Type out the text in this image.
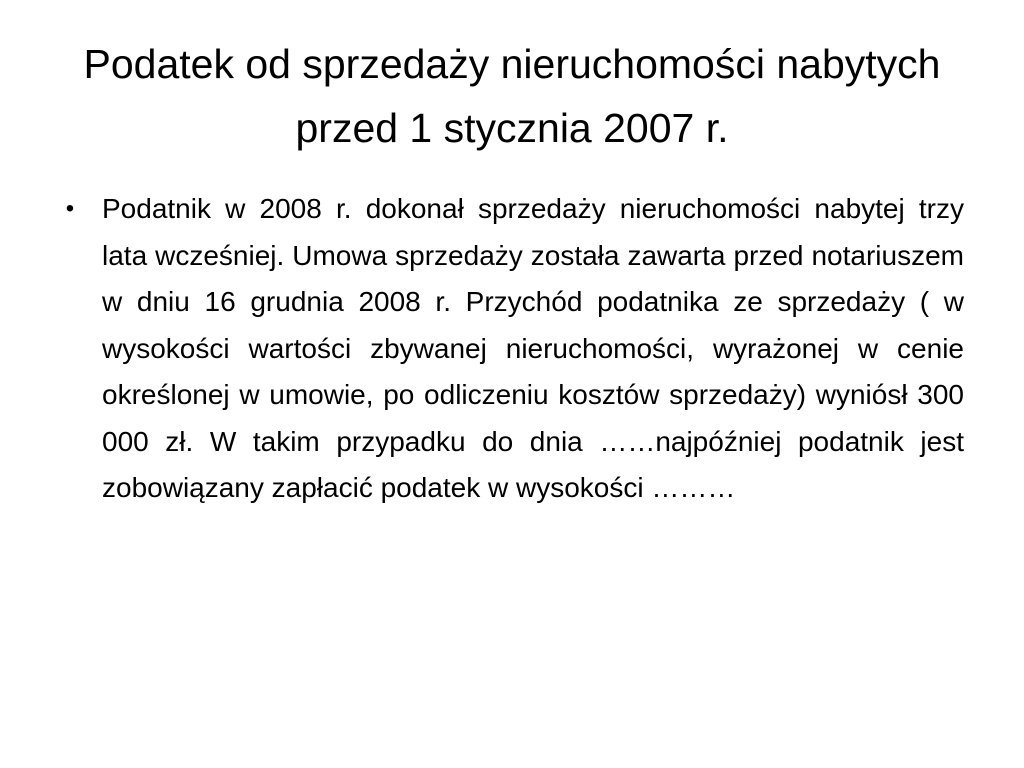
Podatek od sprzedaży nieruchomości nabytych przed 1 stycznia 2007 r.
• Podatnik w 2008 r. dokonał sprzedaży nieruchomości nabytej trzy lata wcześniej. Umowa sprzedaży została zawarta przed notariuszem w dniu 16 grudnia 2008 r. Przychód podatnika ze sprzedaży ( w wysokości wartości zbywanej nieruchomości, wyrażonej w cenie określonej w umowie, po odliczeniu kosztów sprzedaży) wyniósł 300 000 zł. W takim przypadku do dnia ……najpóźniej podatnik jest zobowiązany zapłacić podatek w wysokości ………
